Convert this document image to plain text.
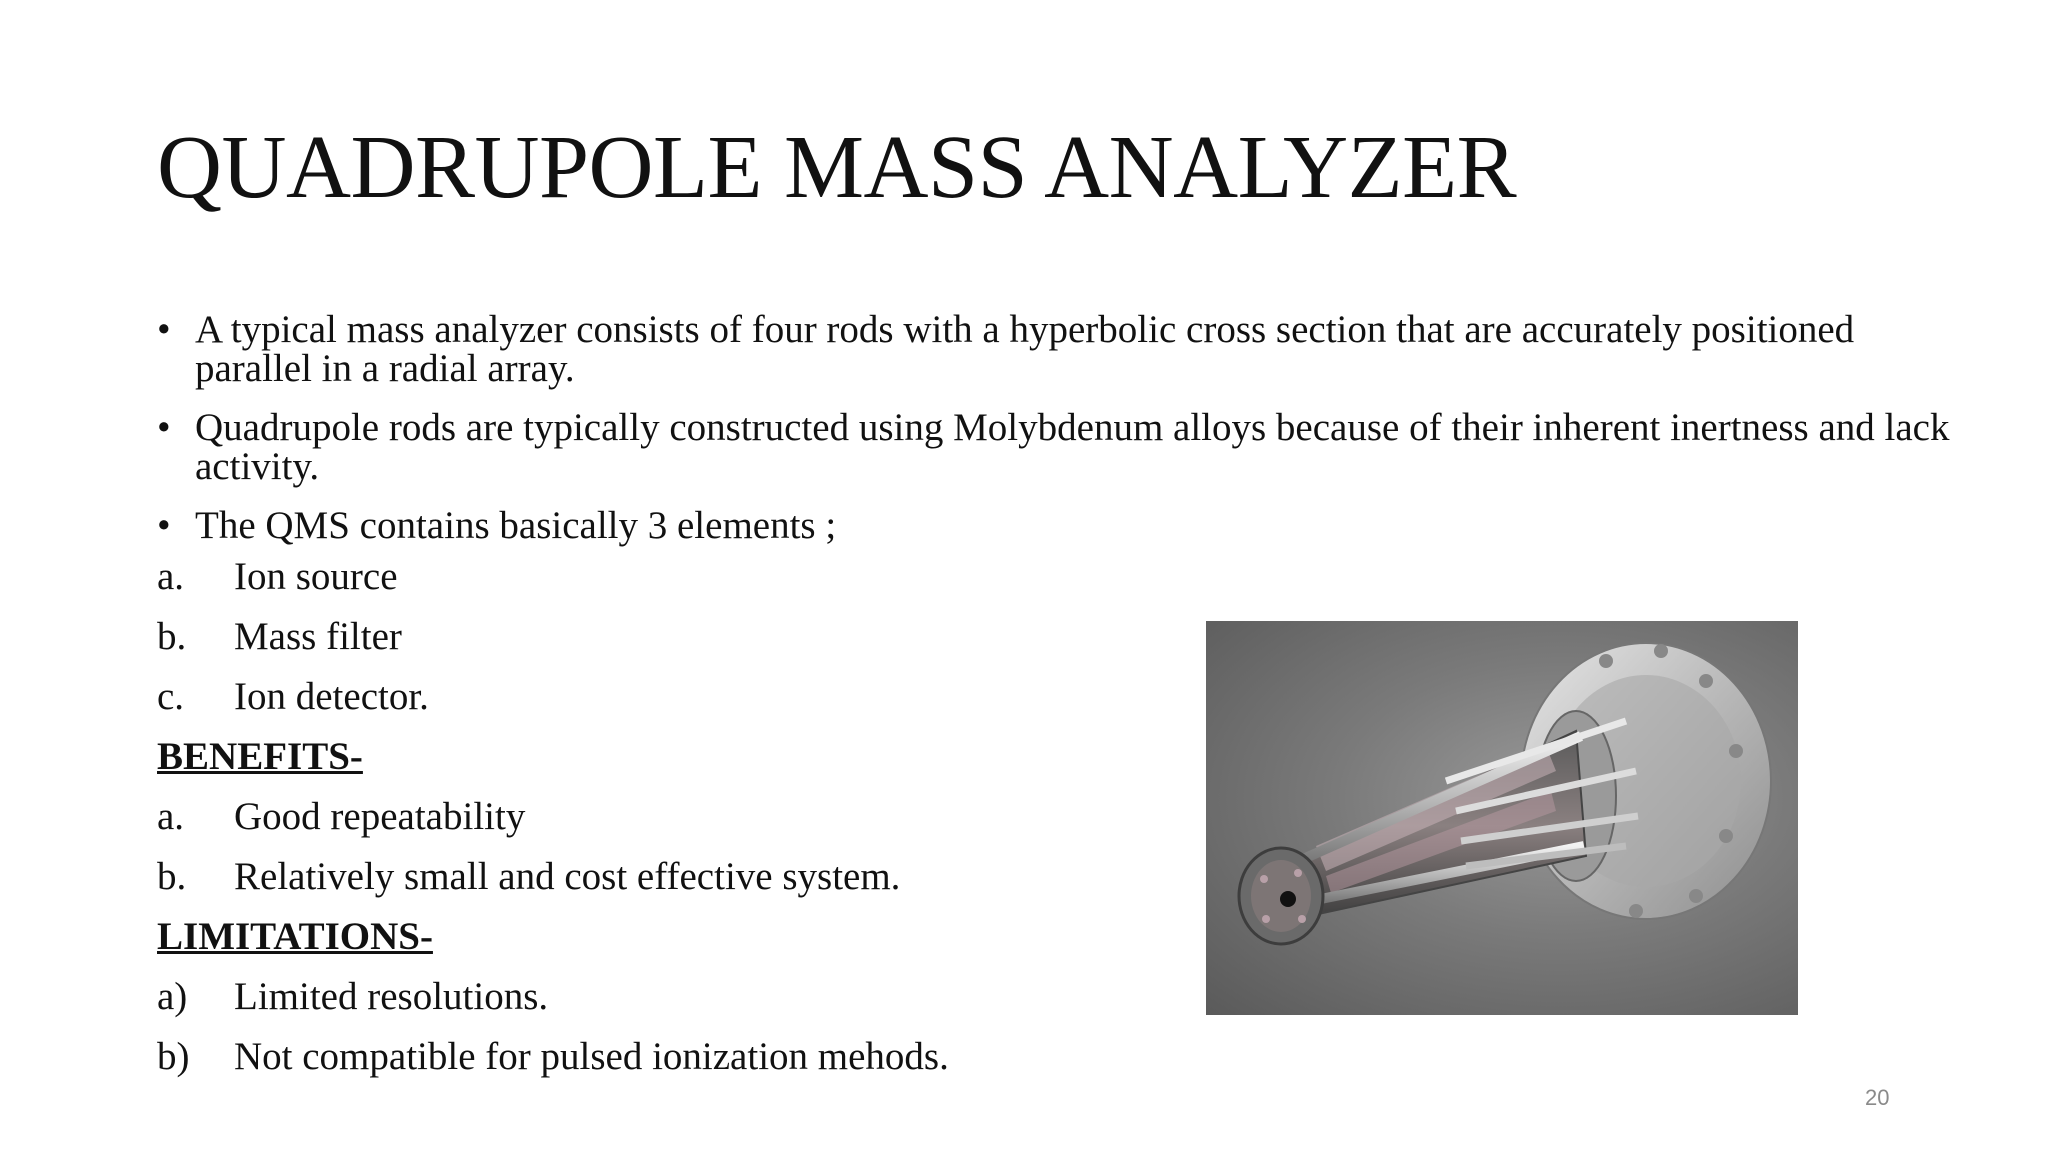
QUADRUPOLE MASS ANALYZER
• A typical mass analyzer consists of four rods with a hyperbolic cross section that are accurately positioned parallel in a radial array.
• Quadrupole rods are typically constructed using Molybdenum alloys because of their inherent inertness and lack activity.
• The QMS contains basically 3 elements ;
a. Ion source
b. Mass filter
c. Ion detector.
BENEFITS-
a. Good repeatability
b. Relatively small and cost effective system.
LIMITATIONS-
a) Limited resolutions.
b) Not compatible for pulsed ionization mehods.
20
